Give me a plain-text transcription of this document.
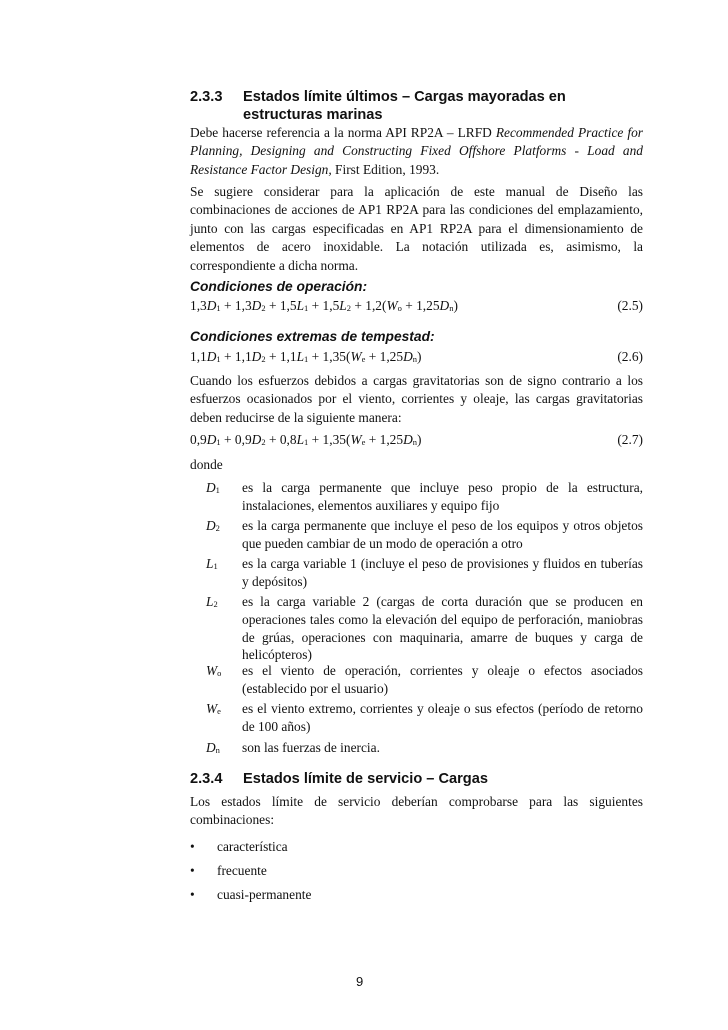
2.3.3	Estados límite últimos – Cargas mayoradas en estructuras marinas

Debe hacerse referencia a la norma API RP2A – LRFD Recommended Practice for Planning, Designing and Constructing Fixed Offshore Platforms - Load and Resistance Factor Design, First Edition, 1993.

Se sugiere considerar para la aplicación de este manual de Diseño las combinaciones de acciones de AP1 RP2A para las condiciones del emplazamiento, junto con las cargas especificadas en AP1 RP2A para el dimensionamiento de elementos de acero inoxidable. La notación utilizada es, asimismo, la correspondiente a dicha norma.

Condiciones de operación:
$1,3D_1 + 1,3D_2 + 1,5L_1 + 1,5L_2 + 1,2(W_o + 1,25D_n)$	(2.5)
Condiciones extremas de tempestad:
$1,1D_1 + 1,1D_2 + 1,1L_1 + 1,35(W_e + 1,25D_n)$	(2.6)

Cuando los esfuerzos debidos a cargas gravitatorias son de signo contrario a los esfuerzos ocasionados por el viento, corrientes y oleaje, las cargas gravitatorias deben reducirse de la siguiente manera:

$0,9D_1 + 0,9D_2 + 0,8L_1 + 1,35(W_e + 1,25D_n)$	(2.7)
donde
$D_1$	es la carga permanente que incluye peso propio de la estructura, instalaciones, elementos auxiliares y equipo fijo
$D_2$	es la carga permanente que incluye el peso de los equipos y otros objetos que pueden cambiar de un modo de operación a otro
$L_1$	es la carga variable 1 (incluye el peso de provisiones y fluidos en tuberías y depósitos)
$L_2$	es la carga variable 2 (cargas de corta duración que se producen en operaciones tales como la elevación del equipo de perforación, maniobras de grúas, operaciones con maquinaria, amarre de buques y carga de helicópteros)
$W_o$	es el viento de operación, corrientes y oleaje o efectos asociados (establecido por el usuario)
$W_e$	es el viento extremo, corrientes y oleaje o sus efectos (período de retorno de 100 años)
$D_n$	son las fuerzas de inercia.
2.3.4	Estados límite de servicio – Cargas

Los estados límite de servicio deberían comprobarse para las siguientes combinaciones:

•	característica
•	frecuente
•	cuasi-permanente
9
